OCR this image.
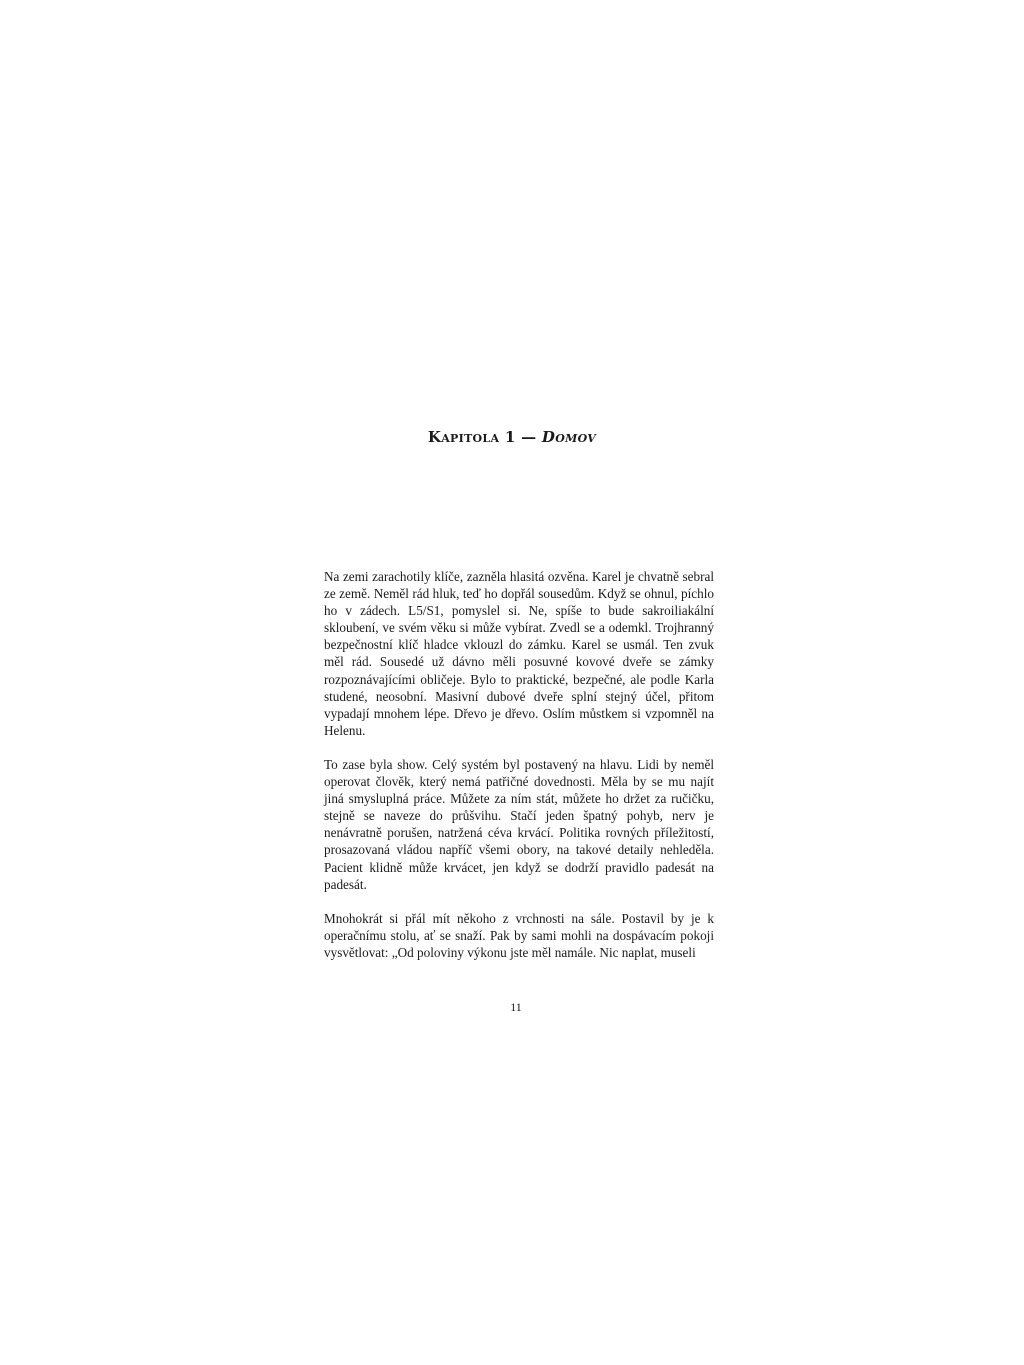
Kapitola 1 — Domov

Na zemi zarachotily klíče, zazněla hlasitá ozvěna. Karel je chvatně sebral ze země. Neměl rád hluk, teď ho dopřál sousedům. Když se ohnul, píchlo ho v zádech. L5/S1, pomyslel si. Ne, spíše to bude sakroiliakální skloubení, ve svém věku si může vybírat. Zvedl se a odemkl. Trojhranný bezpečnostní klíč hladce vklouzl do zámku. Karel se usmál. Ten zvuk měl rád. Sousedé už dávno měli posuvné kovové dveře se zámky rozpoznávajícími obličeje. Bylo to praktické, bezpečné, ale podle Karla studené, neosobní. Masivní dubové dveře splní stejný účel, přitom vypadají mnohem lépe. Dřevo je dřevo. Oslím můstkem si vzpomněl na Helenu.

To zase byla show. Celý systém byl postavený na hlavu. Lidi by neměl operovat člověk, který nemá patřičné dovednosti. Měla by se mu najít jiná smysluplná práce. Můžete za ním stát, můžete ho držet za ručičku, stejně se naveze do průšvihu. Stačí jeden špatný pohyb, nerv je nenávratně porušen, natržená céva krvácí. Politika rovných příležitostí, prosazovaná vládou napříč všemi obory, na takové detaily nehleděla. Pacient klidně může krvácet, jen když se dodrží pravidlo padesát na padesát.

Mnohokrát si přál mít někoho z vrchnosti na sále. Postavil by je k operačnímu stolu, ať se snaží. Pak by sami mohli na dospávacím pokoji vysvětlovat: „Od poloviny výkonu jste měl namále. Nic naplat, museli

11
